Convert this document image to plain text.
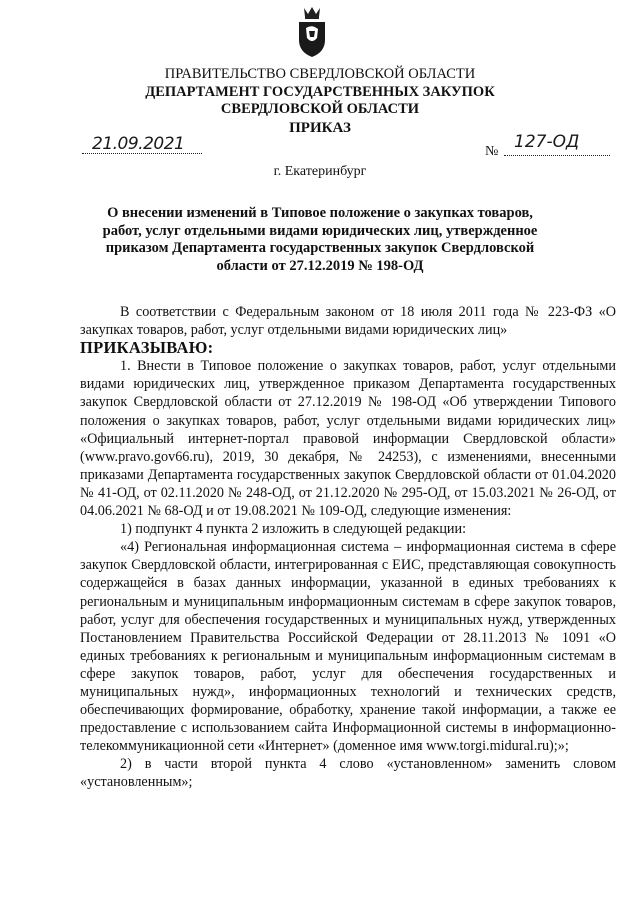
ПРАВИТЕЛЬСТВО СВЕРДЛОВСКОЙ ОБЛАСТИ
ДЕПАРТАМЕНТ ГОСУДАРСТВЕННЫХ ЗАКУПОК
СВЕРДЛОВСКОЙ ОБЛАСТИ
ПРИКАЗ
21.09.2021	№ 127-ОД
г. Екатеринбург
О внесении изменений в Типовое положение о закупках товаров, работ, услуг отдельными видами юридических лиц, утвержденное приказом Департамента государственных закупок Свердловской области от 27.12.2019 № 198-ОД

В соответствии с Федеральным законом от 18 июля 2011 года № 223-ФЗ «О закупках товаров, работ, услуг отдельными видами юридических лиц»

ПРИКАЗЫВАЮ:

1. Внести в Типовое положение о закупках товаров, работ, услуг отдельными видами юридических лиц, утвержденное приказом Департамента государственных закупок Свердловской области от 27.12.2019 № 198-ОД «Об утверждении Типового положения о закупках товаров, работ, услуг отдельными видами юридических лиц» «Официальный интернет-портал правовой информации Свердловской области» (www.pravo.gov66.ru), 2019, 30 декабря, № 24253), с изменениями, внесенными приказами Департамента государственных закупок Свердловской области от 01.04.2020 № 41-ОД, от 02.11.2020 № 248-ОД, от 21.12.2020 № 295-ОД, от 15.03.2021 № 26-ОД, от 04.06.2021 № 68-ОД и от 19.08.2021 № 109-ОД, следующие изменения:

1) подпункт 4 пункта 2 изложить в следующей редакции:

«4) Региональная информационная система – информационная система в сфере закупок Свердловской области, интегрированная с ЕИС, представляющая совокупность содержащейся в базах данных информации, указанной в единых требованиях к региональным и муниципальным информационным системам в сфере закупок товаров, работ, услуг для обеспечения государственных и муниципальных нужд, утвержденных Постановлением Правительства Российской Федерации от 28.11.2013 № 1091 «О единых требованиях к региональным и муниципальным информационным системам в сфере закупок товаров, работ, услуг для обеспечения государственных и муниципальных нужд», информационных технологий и технических средств, обеспечивающих формирование, обработку, хранение такой информации, а также ее предоставление с использованием сайта Информационной системы в информационно-телекоммуникационной сети «Интернет» (доменное имя www.torgi.midural.ru);»;

2) в части второй пункта 4 слово «установленном» заменить словом «установленным»;
